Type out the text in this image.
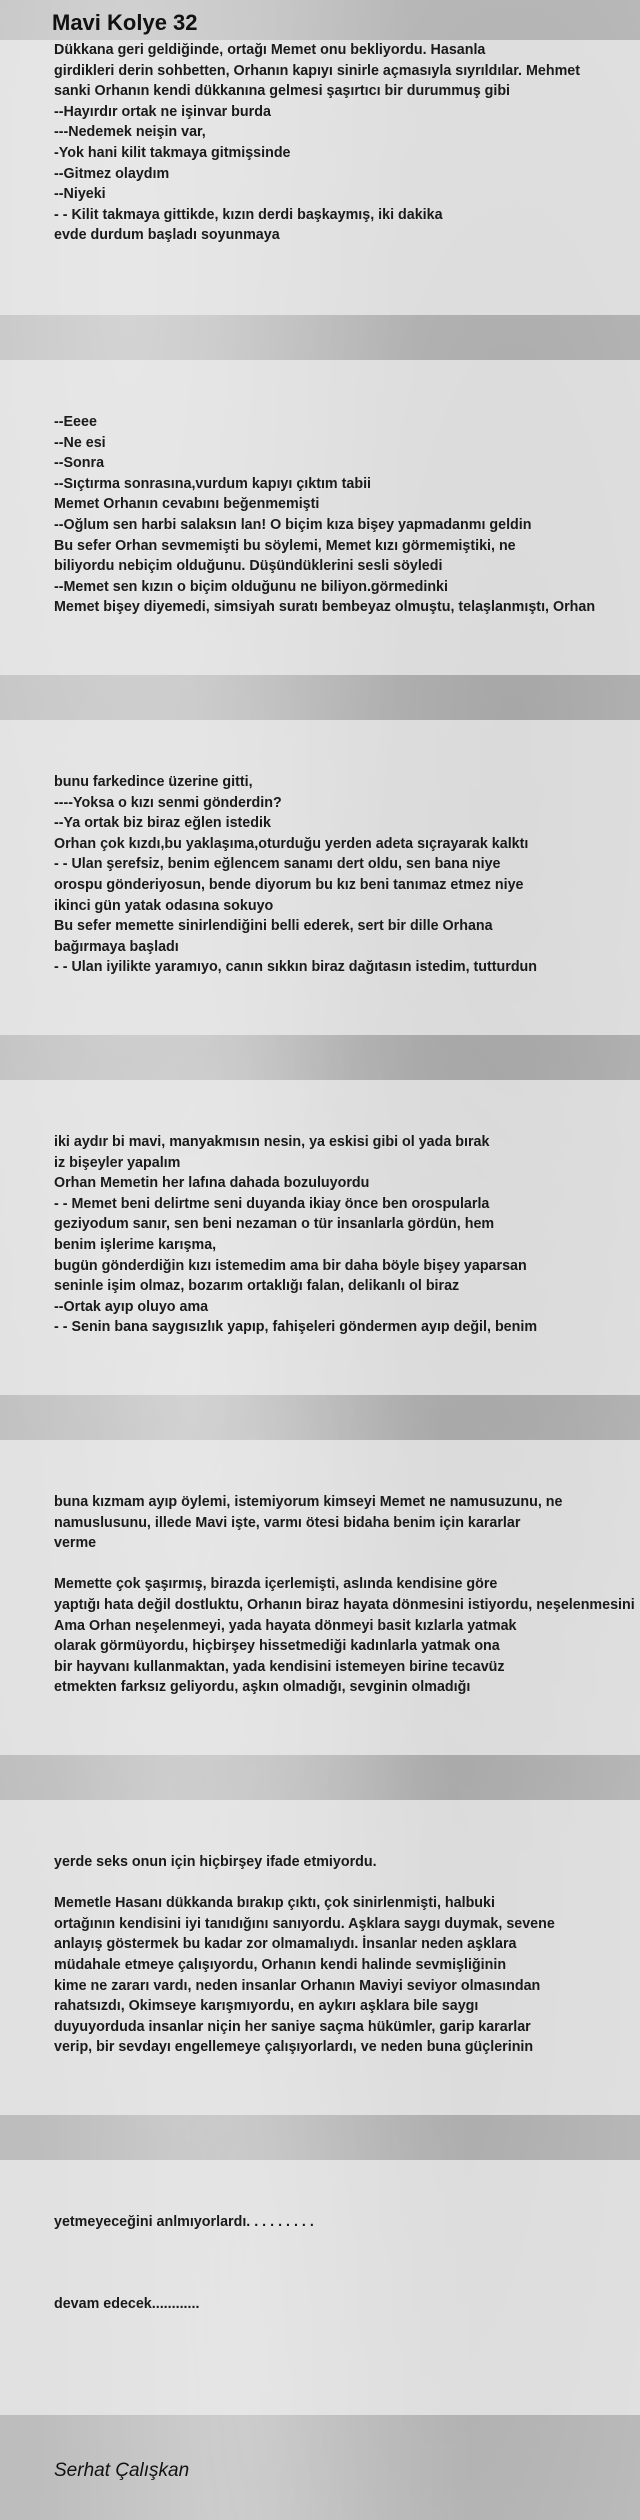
Mavi Kolye 32
Dükkana geri geldiğinde, ortağı Memet onu bekliyordu. Hasanla
girdikleri derin sohbetten, Orhanın kapıyı sinirle açmasıyla sıyrıldılar. Mehmet
sanki Orhanın kendi dükkanına gelmesi şaşırtıcı bir durummuş gibi
--Hayırdır ortak ne işinvar burda
---Nedemek neişin var,
-Yok hani kilit takmaya gitmişsinde
--Gitmez olaydım
--Niyeki
- - Kilit takmaya gittikde, kızın derdi başkaymış, iki dakika
evde durdum başladı soyunmaya
--Eeee
--Ne esi
--Sonra
--Sıçtırma sonrasına,vurdum kapıyı çıktım tabii
Memet Orhanın cevabını beğenmemişti
--Oğlum sen harbi salaksın lan! O biçim kıza bişey yapmadanmı geldin
Bu sefer Orhan sevmemişti bu söylemi, Memet kızı görmemiştiki, ne
biliyordu nebiçim olduğunu. Düşündüklerini sesli söyledi
--Memet sen kızın o biçim olduğunu ne biliyon.görmedinki
Memet bişey diyemedi, simsiyah suratı bembeyaz olmuştu, telaşlanmıştı, Orhan
bunu farkedince üzerine gitti,
----Yoksa o kızı senmi gönderdin?
--Ya ortak biz biraz eğlen istedik
Orhan çok kızdı,bu yaklaşıma,oturduğu yerden adeta sıçrayarak kalktı
- - Ulan şerefsiz, benim eğlencem sanamı dert oldu, sen bana niye
orospu gönderiyosun, bende diyorum bu kız beni tanımaz etmez niye
ikinci gün yatak odasına sokuyo
Bu sefer memette sinirlendiğini belli ederek, sert bir dille Orhana
bağırmaya başladı
- - Ulan iyilikte yaramıyo, canın sıkkın biraz dağıtasın istedim, tutturdun
iki aydır bi mavi, manyakmısın nesin, ya eskisi gibi ol yada bırak
iz bişeyler yapalım
Orhan Memetin her lafına dahada bozuluyordu
- - Memet beni delirtme seni duyanda ikiay önce ben orospularla
geziyodum sanır, sen beni nezaman o tür insanlarla gördün, hem
benim işlerime karışma,
bugün gönderdiğin kızı istemedim ama bir daha böyle bişey yaparsan
seninle işim olmaz, bozarım ortaklığı falan, delikanlı ol biraz
--Ortak ayıp oluyo ama
- - Senin bana saygısızlık yapıp, fahişeleri göndermen ayıp değil, benim
buna kızmam ayıp öylemi, istemiyorum kimseyi Memet ne namusuzunu, ne
namuslusunu, illede Mavi işte, varmı ötesi bidaha benim için kararlar
verme

Memette çok şaşırmış, birazda içerlemişti, aslında kendisine göre
yaptığı hata değil dostluktu, Orhanın biraz hayata dönmesini istiyordu, neşelenmesini
Ama Orhan neşelenmeyi, yada hayata dönmeyi basit kızlarla yatmak
olarak görmüyordu, hiçbirşey hissetmediği kadınlarla yatmak ona
bir hayvanı kullanmaktan, yada kendisini istemeyen birine tecavüz
etmekten farksız geliyordu, aşkın olmadığı, sevginin olmadığı
yerde seks onun için hiçbirşey ifade etmiyordu.

Memetle Hasanı dükkanda bırakıp çıktı, çok sinirlenmişti, halbuki
ortağının kendisini iyi tanıdığını sanıyordu. Aşklara saygı duymak, sevene
anlayış göstermek bu kadar zor olmamalıydı. İnsanlar neden aşklara
müdahale etmeye çalışıyordu, Orhanın kendi halinde sevmişliğinin
kime ne zararı vardı, neden insanlar Orhanın Maviyi seviyor olmasından
rahatsızdı, Okimseye karışmıyordu, en aykırı aşklara bile saygı
duyuyorduda insanlar niçin her saniye saçma hükümler, garip kararlar
verip, bir sevdayı engellemeye çalışıyorlardı, ve neden buna güçlerinin
yetmeyeceğini anlmıyorlardı. . . . . . . . .

devam edecek............

Serhat Çalışkan
